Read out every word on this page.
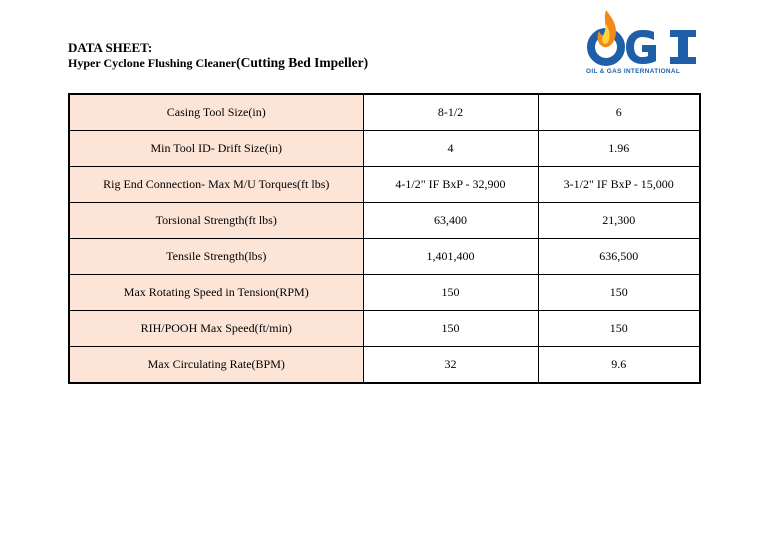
DATA SHEET:
Hyper Cyclone Flushing Cleaner(Cutting Bed Impeller)
OIL & GAS INTERNATIONAL
Casing Tool Size(in)	8-1/2	6
Min Tool ID- Drift Size(in)	4	1.96
Rig End Connection- Max M/U Torques(ft lbs)	4-1/2" IF BxP - 32,900	3-1/2" IF BxP - 15,000
Torsional Strength(ft lbs)	63,400	21,300
Tensile Strength(lbs)	1,401,400	636,500
Max Rotating Speed in Tension(RPM)	150	150
RIH/POOH Max Speed(ft/min)	150	150
Max Circulating Rate(BPM)	32	9.6
